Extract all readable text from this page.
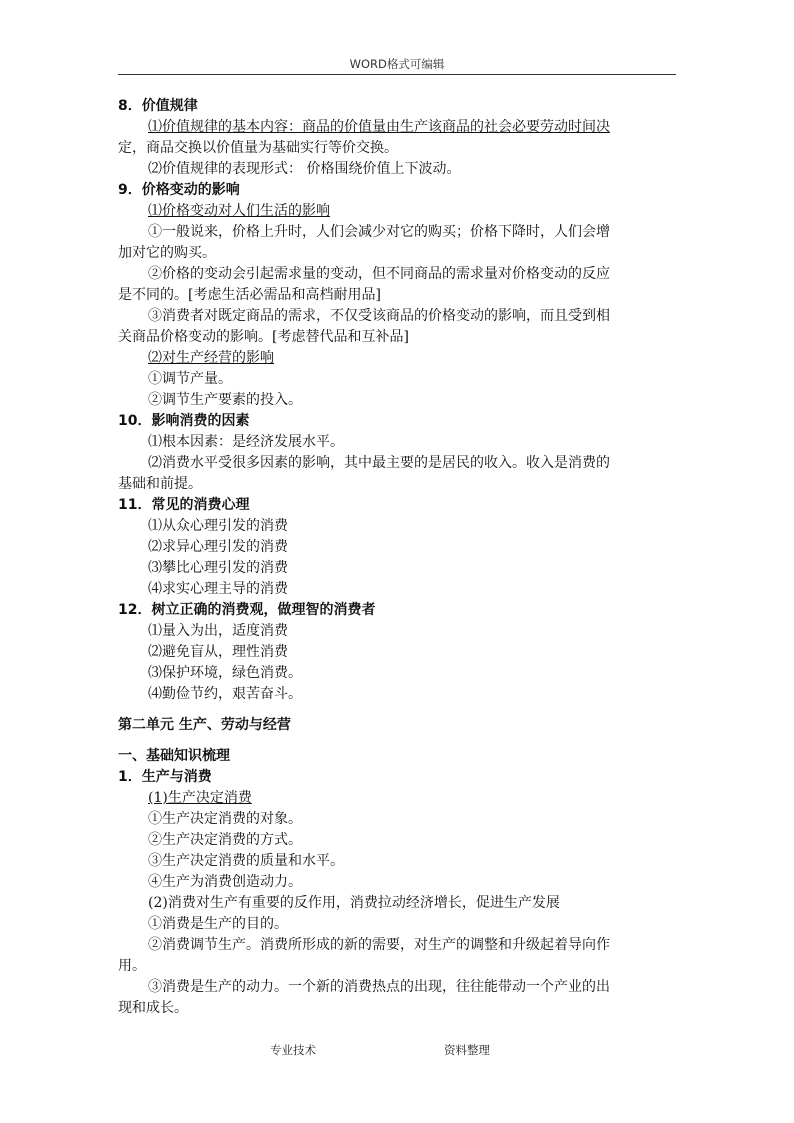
WORD格式可编辑
8．价值规律
⑴价值规律的基本内容：商品的价值量由生产该商品的社会必要劳动时间决
定，商品交换以价值量为基础实行等价交换。
⑵价值规律的表现形式： 价格围绕价值上下波动。
9．价格变动的影响
⑴价格变动对人们生活的影响
①一般说来，价格上升时，人们会减少对它的购买；价格下降时，人们会增
加对它的购买。
②价格的变动会引起需求量的变动，但不同商品的需求量对价格变动的反应
是不同的。[考虑生活必需品和高档耐用品]
③消费者对既定商品的需求，不仅受该商品的价格变动的影响，而且受到相
关商品价格变动的影响。[考虑替代品和互补品]
⑵对生产经营的影响
①调节产量。
②调节生产要素的投入。
10．影响消费的因素
⑴根本因素：是经济发展水平。
⑵消费水平受很多因素的影响，其中最主要的是居民的收入。收入是消费的
基础和前提。
11．常见的消费心理
⑴从众心理引发的消费
⑵求异心理引发的消费
⑶攀比心理引发的消费
⑷求实心理主导的消费
12．树立正确的消费观，做理智的消费者
⑴量入为出，适度消费
⑵避免盲从，理性消费
⑶保护环境，绿色消费。
⑷勤俭节约，艰苦奋斗。
第二单元 生产、劳动与经营
一、基础知识梳理
1．生产与消费
(1)生产决定消费
①生产决定消费的对象。
②生产决定消费的方式。
③生产决定消费的质量和水平。
④生产为消费创造动力。
(2)消费对生产有重要的反作用，消费拉动经济增长，促进生产发展
①消费是生产的目的。
②消费调节生产。消费所形成的新的需要，对生产的调整和升级起着导向作
用。
③消费是生产的动力。一个新的消费热点的出现，往往能带动一个产业的出
现和成长。
专业技术	资料整理
